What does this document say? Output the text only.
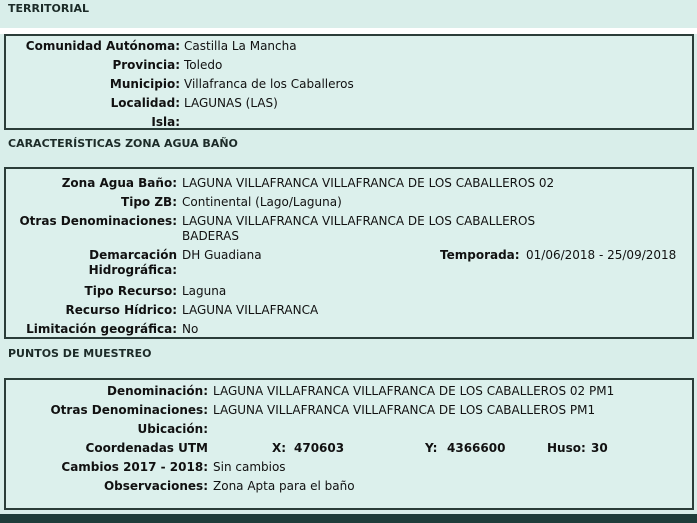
TERRITORIAL
Comunidad Autónoma: Castilla La Mancha
Provincia: Toledo
Municipio: Villafranca de los Caballeros
Localidad: LAGUNAS (LAS)
Isla:
CARACTERÍSTICAS ZONA AGUA BAÑO
Zona Agua Baño: LAGUNA VILLAFRANCA VILLAFRANCA DE LOS CABALLEROS 02
Tipo ZB: Continental (Lago/Laguna)
Otras Denominaciones: LAGUNA VILLAFRANCA VILLAFRANCA DE LOS CABALLEROS
BADERAS
Demarcación
Hidrográfica:
DH Guadiana	Temporada: 01/06/2018 - 25/09/2018
Tipo Recurso: Laguna
Recurso Hídrico: LAGUNA VILLAFRANCA
Limitación geográfica: No
PUNTOS DE MUESTREO
Denominación: LAGUNA VILLAFRANCA VILLAFRANCA DE LOS CABALLEROS 02 PM1
Otras Denominaciones: LAGUNA VILLAFRANCA VILLAFRANCA DE LOS CABALLEROS PM1
Ubicación:
Coordenadas UTM	X: 470603	Y: 4366600	Huso: 30
Cambios 2017 - 2018: Sin cambios
Observaciones: Zona Apta para el baño
